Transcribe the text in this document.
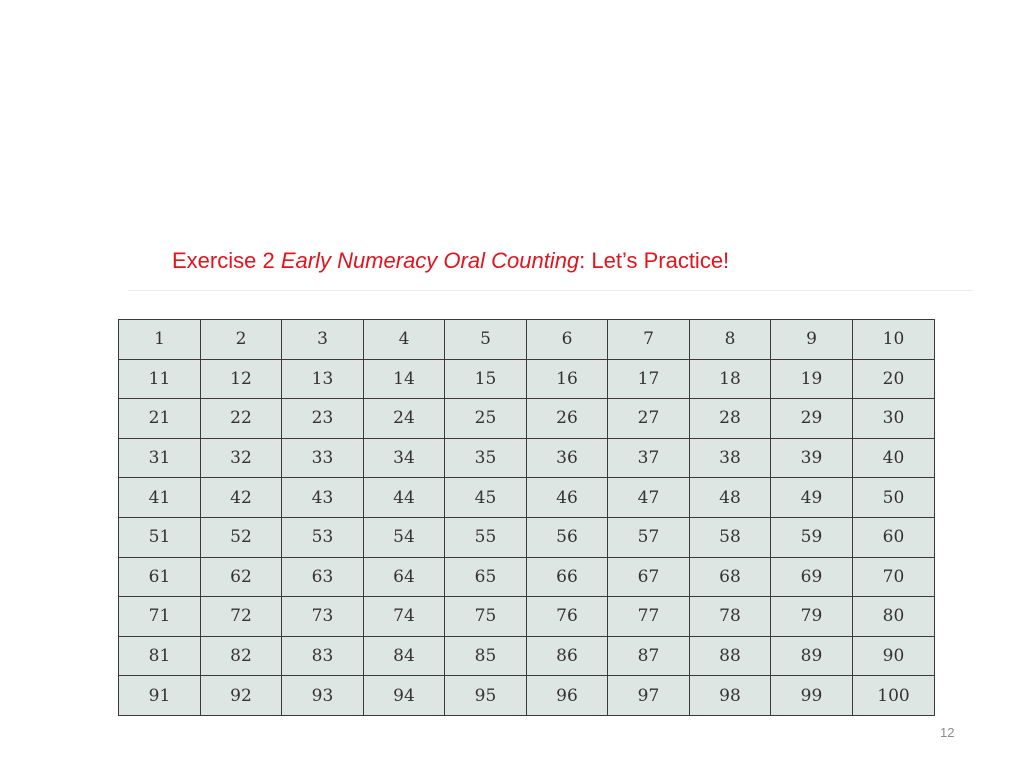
Exercise 2 Early Numeracy Oral Counting: Let’s Practice!
1	2	3	4	5	6	7	8	9	10
11	12	13	14	15	16	17	18	19	20
21	22	23	24	25	26	27	28	29	30
31	32	33	34	35	36	37	38	39	40
41	42	43	44	45	46	47	48	49	50
51	52	53	54	55	56	57	58	59	60
61	62	63	64	65	66	67	68	69	70
71	72	73	74	75	76	77	78	79	80
81	82	83	84	85	86	87	88	89	90
91	92	93	94	95	96	97	98	99	100

12
